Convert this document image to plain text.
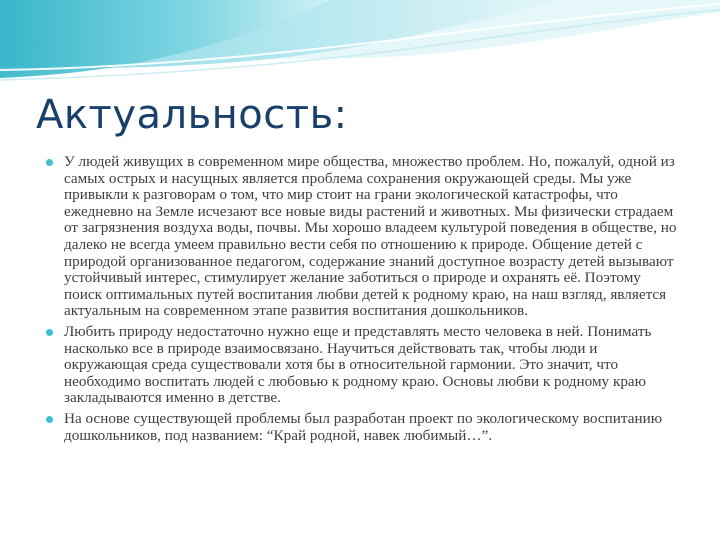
Актуальность:
У людей живущих в современном мире общества, множество проблем. Но, пожалуй, одной из самых острых и насущных является проблема сохранения окружающей среды. Мы уже привыкли к разговорам о том, что мир стоит на грани экологической катастрофы, что ежедневно на Земле исчезают все новые виды растений и животных. Мы физически страдаем от загрязнения воздуха воды, почвы. Мы хорошо владеем культурой поведения в обществе, но далеко не всегда умеем правильно вести себя по отношению к природе. Общение детей с природой организованное педагогом, содержание знаний доступное возрасту детей вызывают устойчивый интерес, стимулирует желание заботиться о природе и охранять её. Поэтому поиск оптимальных путей воспитания любви детей к родному краю, на наш взгляд, является актуальным на современном этапе развития воспитания дошкольников.
Любить природу недостаточно нужно еще и представлять место человека в ней. Понимать насколько все в природе взаимосвязано. Научиться действовать так, чтобы люди и окружающая среда существовали хотя бы в относительной гармонии. Это значит, что необходимо воспитать людей с любовью к родному краю. Основы любви к родному краю закладываются именно в детстве.
На основе существующей проблемы был разработан проект по экологическому воспитанию дошкольников, под названием: “Край родной, навек любимый…”.
